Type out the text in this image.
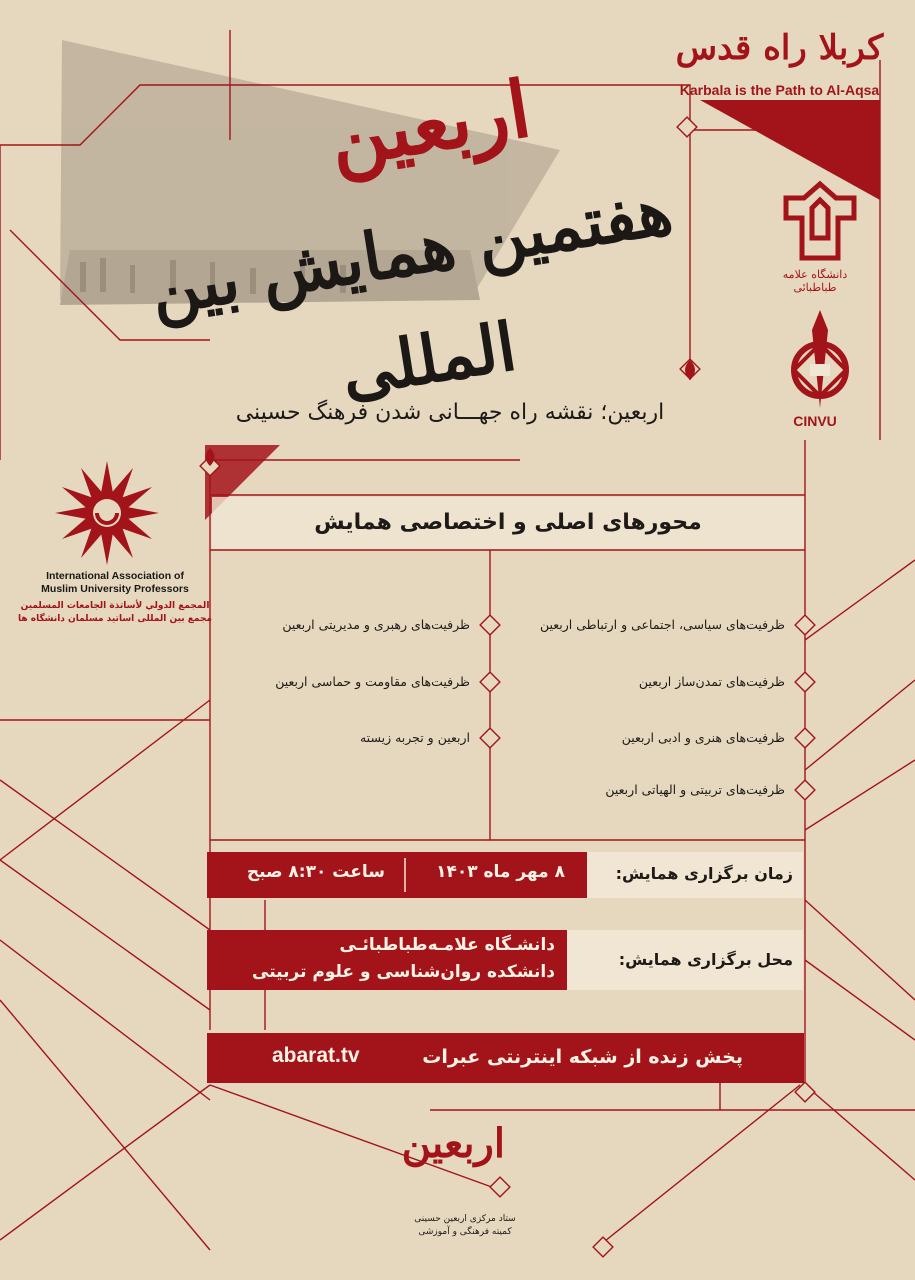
دانشگاه علامه طباطبائی
CINVU
International Association of
Muslim University Professors
المجمع الدولي لأساتذة الجامعات المسلمين
مجمع بین المللی اساتید مسلمان دانشگاه ها
کربلا راه قدس
Karbala is the Path to Al-Aqsa
اربعین
هفتمین همایش بین المللی
اربعین؛ نقشه راه جهـــانی شدن فرهنگ حسینی
محورهای اصلی و اختصاصی همایش
ظرفیت‌های سیاسی، اجتماعی و ارتباطی اربعین
ظرفیت‌های تمدن‌ساز اربعین
ظرفیت‌های هنری و ادبی اربعین
ظرفیت‌های تربیتی و الهیاتی اربعین
ظرفیت‌های رهبری و مدیریتی اربعین
ظرفیت‌های مقاومت و حماسی اربعین
اربعین و تجربه زیسته
زمان برگزاری همایش:
۸ مهر ماه ۱۴۰۳
ساعت ۸:۳۰ صبح
محل برگزاری همایش:
دانشـگاه علامـه‌طباطبائـی
دانشکده روان‌شناسی و علوم تربیتی
پخش زنده از شبکه اینترنتی عبرات
abarat.tv
اربعین
ستاد مرکزی اربعین حسینی
کمیته فرهنگی و آموزشی
